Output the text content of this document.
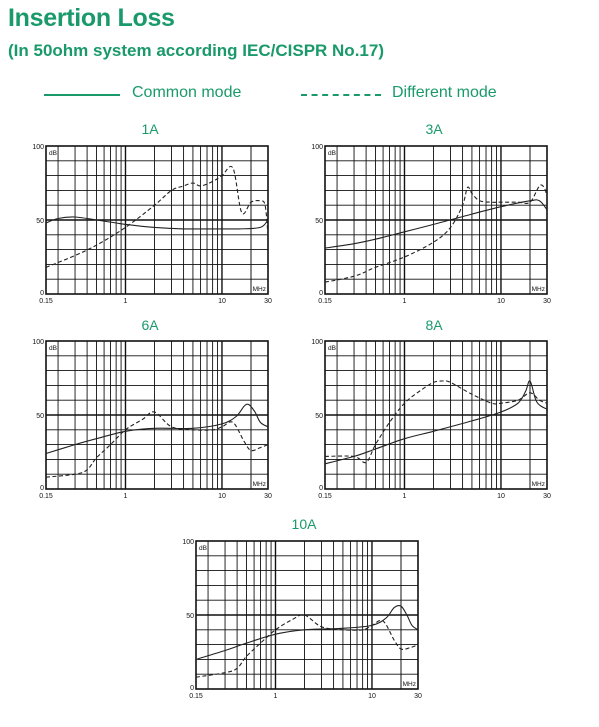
Insertion Loss
(In 50ohm system according IEC/CISPR No.17)
Common mode	Different mode
1A
0
50
100
0.15	1	10	30
dB
MHz
3A
0
50
100
0.15	1	10	30
dB
MHz
6A
0
50
100
0.15	1	10	30
dB
MHz
8A
0
50
100
0.15	1	10	30
dB
MHz
10A
0
50
100
0.15	1	10	30
dB
MHz
